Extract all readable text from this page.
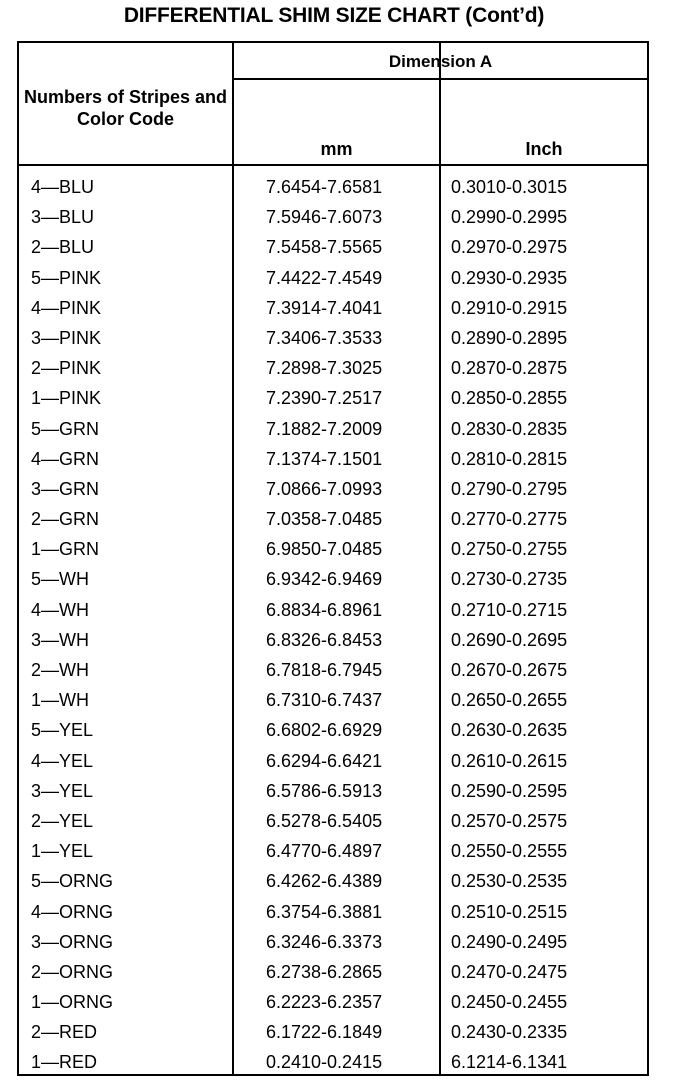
DIFFERENTIAL SHIM SIZE CHART (Cont’d)
Numbers of Stripes and Color Code
Dimension A
mm	Inch
4—BLU	7.6454-7.6581	0.3010-0.3015
3—BLU	7.5946-7.6073	0.2990-0.2995
2—BLU	7.5458-7.5565	0.2970-0.2975
5—PINK	7.4422-7.4549	0.2930-0.2935
4—PINK	7.3914-7.4041	0.2910-0.2915
3—PINK	7.3406-7.3533	0.2890-0.2895
2—PINK	7.2898-7.3025	0.2870-0.2875
1—PINK	7.2390-7.2517	0.2850-0.2855
5—GRN	7.1882-7.2009	0.2830-0.2835
4—GRN	7.1374-7.1501	0.2810-0.2815
3—GRN	7.0866-7.0993	0.2790-0.2795
2—GRN	7.0358-7.0485	0.2770-0.2775
1—GRN	6.9850-7.0485	0.2750-0.2755
5—WH	6.9342-6.9469	0.2730-0.2735
4—WH	6.8834-6.8961	0.2710-0.2715
3—WH	6.8326-6.8453	0.2690-0.2695
2—WH	6.7818-6.7945	0.2670-0.2675
1—WH	6.7310-6.7437	0.2650-0.2655
5—YEL	6.6802-6.6929	0.2630-0.2635
4—YEL	6.6294-6.6421	0.2610-0.2615
3—YEL	6.5786-6.5913	0.2590-0.2595
2—YEL	6.5278-6.5405	0.2570-0.2575
1—YEL	6.4770-6.4897	0.2550-0.2555
5—ORNG	6.4262-6.4389	0.2530-0.2535
4—ORNG	6.3754-6.3881	0.2510-0.2515
3—ORNG	6.3246-6.3373	0.2490-0.2495
2—ORNG	6.2738-6.2865	0.2470-0.2475
1—ORNG	6.2223-6.2357	0.2450-0.2455
2—RED	6.1722-6.1849	0.2430-0.2335
1—RED	0.2410-0.2415	6.1214-6.1341
